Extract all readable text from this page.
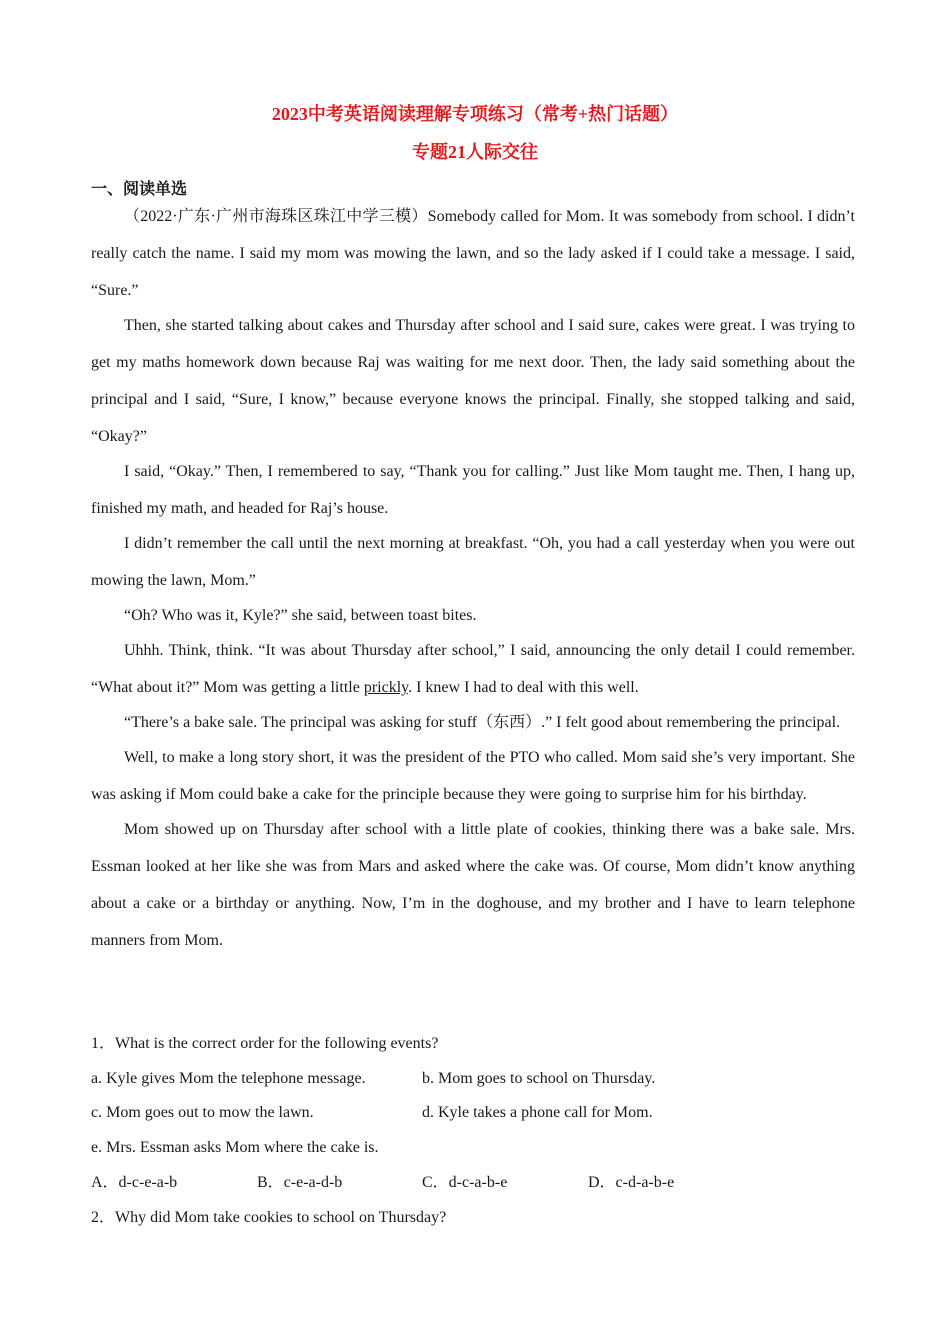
2023中考英语阅读理解专项练习（常考+热门话题）
专题21人际交往
一、阅读单选

（2022·广东·广州市海珠区珠江中学三模）Somebody called for Mom. It was somebody from school. I didn’t really catch the name. I said my mom was mowing the lawn, and so the lady asked if I could take a message. I said, “Sure.”

Then, she started talking about cakes and Thursday after school and I said sure, cakes were great. I was trying to get my maths homework down because Raj was waiting for me next door. Then, the lady said something about the principal and I said, “Sure, I know,” because everyone knows the principal. Finally, she stopped talking and said, “Okay?”

I said, “Okay.” Then, I remembered to say, “Thank you for calling.” Just like Mom taught me. Then, I hang up, finished my math, and headed for Raj’s house.

I didn’t remember the call until the next morning at breakfast. “Oh, you had a call yesterday when you were out mowing the lawn, Mom.”

“Oh? Who was it, Kyle?” she said, between toast bites.

Uhhh. Think, think. “It was about Thursday after school,” I said, announcing the only detail I could remember. “What about it?” Mom was getting a little prickly. I knew I had to deal with this well.

“There’s a bake sale. The principal was asking for stuff（东西）.” I felt good about remembering the principal.

Well, to make a long story short, it was the president of the PTO who called. Mom said she’s very important. She was asking if Mom could bake a cake for the principle because they were going to surprise him for his birthday.

Mom showed up on Thursday after school with a little plate of cookies, thinking there was a bake sale. Mrs. Essman looked at her like she was from Mars and asked where the cake was. Of course, Mom didn’t know anything about a cake or a birthday or anything. Now, I’m in the doghouse, and my brother and I have to learn telephone manners from Mom.

1．What is the correct order for the following events?
a. Kyle gives Mom the telephone message.	b. Mom goes to school on Thursday.
c. Mom goes out to mow the lawn.	d. Kyle takes a phone call for Mom.
e. Mrs. Essman asks Mom where the cake is.
A．d-c-e-a-b	B．c-e-a-d-b	C．d-c-a-b-e	D．c-d-a-b-e
2．Why did Mom take cookies to school on Thursday?
